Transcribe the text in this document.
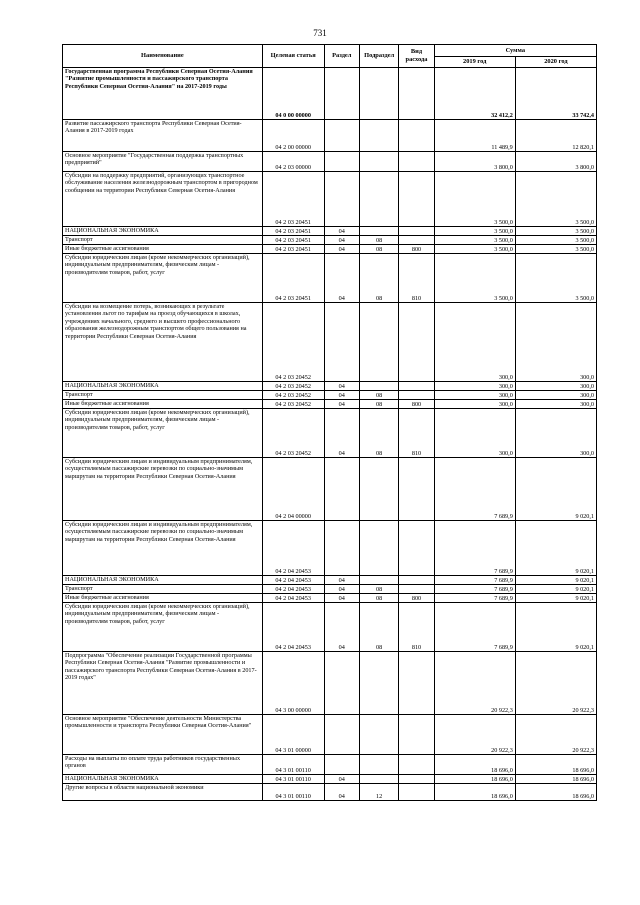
731
Наименование	Целевая статья	Раздел	Подраздел	Вид расхода	Сумма	
					2019 год	2020 год
Государственная программа Республики Северная Осетия-Алания "Развитие промышленности и пассажирского транспорта Республики Северная Осетия-Алания" на 2017-2019 годы	04 0 00 00000				32 412,2	33 742,4
Развитие пассажирского транспорта Республики Северная Осетия-Алания в 2017-2019 годах	04 2 00 00000				11 489,9	12 820,1
Основное мероприятие "Государственная поддержка транспортных предприятий"	04 2 03 00000				3 800,0	3 800,0
Субсидии на поддержку предприятий, организующих транспортное обслуживание населения железнодорожным транспортом в пригородном сообщении на территории Республики Северная Осетия-Алания	04 2 03 20451				3 500,0	3 500,0
НАЦИОНАЛЬНАЯ ЭКОНОМИКА	04 2 03 20451	04			3 500,0	3 500,0
Транспорт	04 2 03 20451	04	08		3 500,0	3 500,0
Иные бюджетные ассигнования	04 2 03 20451	04	08	800	3 500,0	3 500,0
Субсидии юридическим лицам (кроме некоммерческих организаций), индивидуальным предпринимателям, физическим лицам - производителям товаров, работ, услуг	04 2 03 20451	04	08	810	3 500,0	3 500,0
Субсидии на возмещение потерь, возникающих в результате установления льгот по тарифам на проезд обучающихся в школах, учреждениях начального, среднего и высшего профессионального образования железнодорожным транспортом общего пользования на территории Республики Северная Осетия-Алания	04 2 03 20452				300,0	300,0
НАЦИОНАЛЬНАЯ ЭКОНОМИКА	04 2 03 20452	04			300,0	300,0
Транспорт	04 2 03 20452	04	08		300,0	300,0
Иные бюджетные ассигнования	04 2 03 20452	04	08	800	300,0	300,0
Субсидии юридическим лицам (кроме некоммерческих организаций), индивидуальным предпринимателям, физическим лицам - производителям товаров, работ, услуг	04 2 03 20452	04	08	810	300,0	300,0
Субсидии юридическим лицам и индивидуальным предпринимателям, осуществляемым пассажирские перевозки по социально-значимым маршрутам на территории Республики Северная Осетия-Алания	04 2 04 00000				7 689,9	9 020,1
Субсидии юридическим лицам и индивидуальным предпринимателям, осуществляемым пассажирские перевозки по социально-значимым маршрутам на территории Республики Северная Осетия-Алания	04 2 04 20453				7 689,9	9 020,1
НАЦИОНАЛЬНАЯ ЭКОНОМИКА	04 2 04 20453	04			7 689,9	9 020,1
Транспорт	04 2 04 20453	04	08		7 689,9	9 020,1
Иные бюджетные ассигнования	04 2 04 20453	04	08	800	7 689,9	9 020,1
Субсидии юридическим лицам (кроме некоммерческих организаций), индивидуальным предпринимателям, физическим лицам - производителям товаров, работ, услуг	04 2 04 20453	04	08	810	7 689,9	9 020,1
Подпрограмма "Обеспечение реализации Государственной программы Республики Северная Осетия-Алания "Развитие промышленности и пассажирского транспорта Республики Северная Осетия-Алания в 2017-2019 годах"	04 3 00 00000				20 922,3	20 922,3
Основное мероприятие "Обеспечение деятельности Министерства промышленности и транспорта Республики Северная Осетия-Алания"	04 3 01 00000				20 922,3	20 922,3
Расходы на выплаты по оплате труда работников государственных органов	04 3 01 00110				18 696,0	18 696,0
НАЦИОНАЛЬНАЯ ЭКОНОМИКА	04 3 01 00110	04			18 696,0	18 696,0
Другие вопросы в области национальной экономики	04 3 01 00110	04	12		18 696,0	18 696,0
